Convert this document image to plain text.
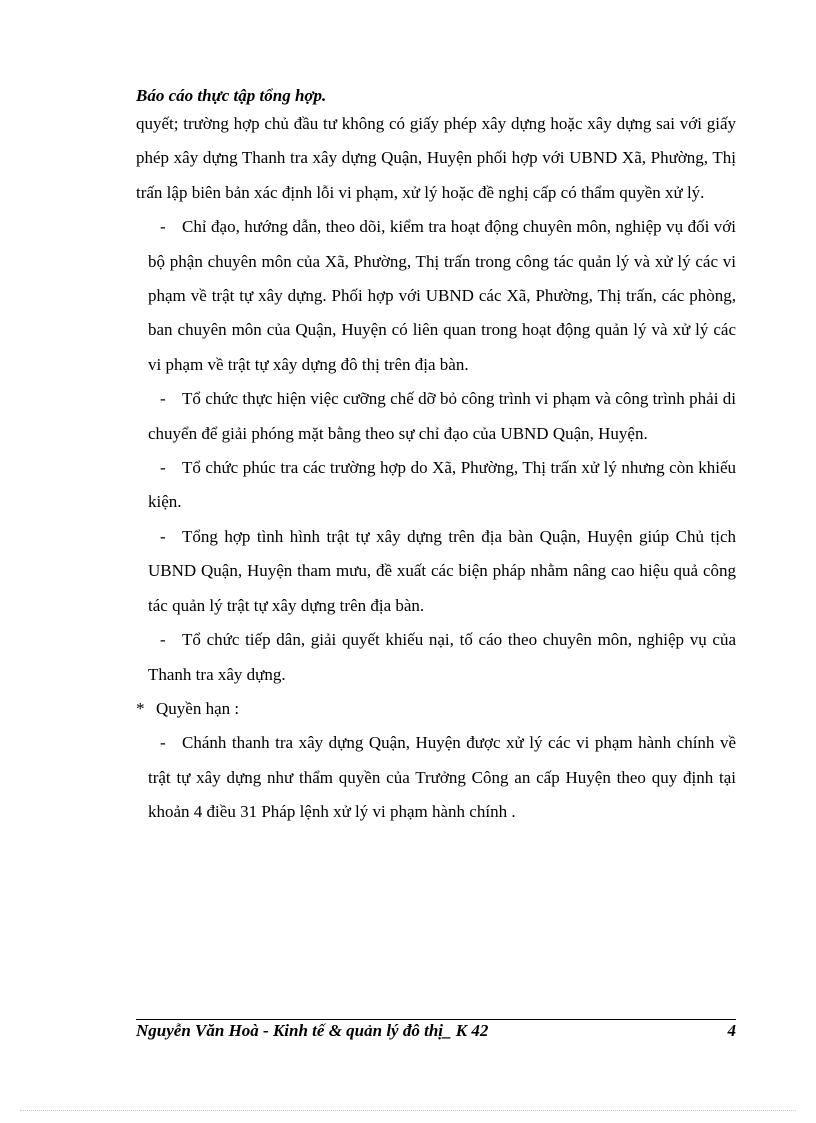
Báo cáo thực tập tổng hợp.

quyết; trường hợp chủ đầu tư không có giấy phép xây dựng hoặc xây dựng sai với giấy phép xây dựng Thanh tra xây dựng Quận, Huyện phối hợp với UBND Xã, Phường, Thị trấn lập biên bản xác định lỗi vi phạm, xử lý hoặc đề nghị cấp có thẩm quyền xử lý.

- Chỉ đạo, hướng dẫn, theo dõi, kiểm tra hoạt động chuyên môn, nghiệp vụ đối với bộ phận chuyên môn của Xã, Phường, Thị trấn trong công tác quản lý và xử lý các vi phạm về trật tự xây dựng. Phối hợp với UBND các Xã, Phường, Thị trấn, các phòng, ban chuyên môn của Quận, Huyện có liên quan trong hoạt động quản lý và xử lý các vi phạm về trật tự xây dựng đô thị trên địa bàn.

- Tổ chức thực hiện việc cưỡng chế dỡ bỏ công trình vi phạm và công trình phải di chuyển để giải phóng mặt bằng theo sự chỉ đạo của UBND Quận, Huyện.

- Tổ chức phúc tra các trường hợp do Xã, Phường, Thị trấn xử lý nhưng còn khiếu kiện.

- Tổng hợp tình hình trật tự xây dựng trên địa bàn Quận, Huyện giúp Chủ tịch UBND Quận, Huyện tham mưu, đề xuất các biện pháp nhằm nâng cao hiệu quả công tác quản lý trật tự xây dựng trên địa bàn.

- Tổ chức tiếp dân, giải quyết khiếu nại, tố cáo theo chuyên môn, nghiệp vụ của Thanh tra xây dựng.

* Quyền hạn :

- Chánh thanh tra xây dựng Quận, Huyện được xử lý các vi phạm hành chính về trật tự xây dựng như thẩm quyền của Trưởng Công an cấp Huyện theo quy định tại khoản 4 điều 31 Pháp lệnh xử lý vi phạm hành chính .

Nguyễn Văn Hoà - Kinh tế & quản lý đô thị_ K 42	4
